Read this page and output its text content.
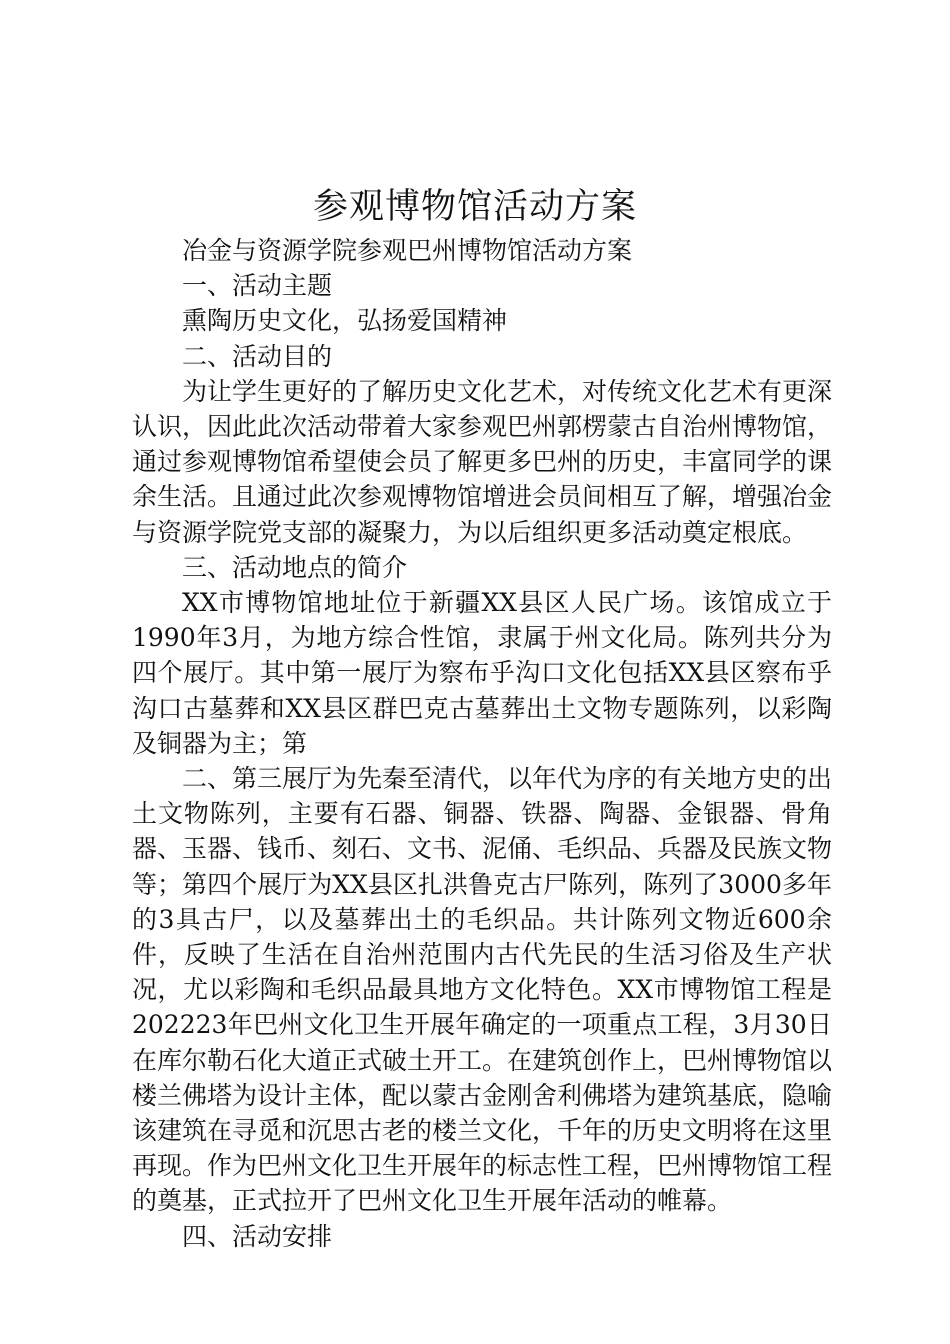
参观博物馆活动方案

冶金与资源学院参观巴州博物馆活动方案

一、活动主题

熏陶历史文化，弘扬爱国精神

二、活动目的

为让学生更好的了解历史文化艺术，对传统文化艺术有更深认识，因此此次活动带着大家参观巴州郭楞蒙古自治州博物馆，通过参观博物馆希望使会员了解更多巴州的历史，丰富同学的课余生活。且通过此次参观博物馆增进会员间相互了解，增强冶金与资源学院党支部的凝聚力，为以后组织更多活动奠定根底。

三、活动地点的简介

XX市博物馆地址位于新疆XX县区人民广场。该馆成立于1990年3月，为地方综合性馆，隶属于州文化局。陈列共分为四个展厅。其中第一展厅为察布乎沟口文化包括XX县区察布乎沟口古墓葬和XX县区群巴克古墓葬出土文物专题陈列，以彩陶及铜器为主；第

二、第三展厅为先秦至清代，以年代为序的有关地方史的出土文物陈列，主要有石器、铜器、铁器、陶器、金银器、骨角器、玉器、钱币、刻石、文书、泥俑、毛织品、兵器及民族文物等；第四个展厅为XX县区扎洪鲁克古尸陈列，陈列了3000多年的3具古尸，以及墓葬出土的毛织品。共计陈列文物近600余件，反映了生活在自治州范围内古代先民的生活习俗及生产状况，尤以彩陶和毛织品最具地方文化特色。XX市博物馆工程是202223年巴州文化卫生开展年确定的一项重点工程，3月30日在库尔勒石化大道正式破土开工。在建筑创作上，巴州博物馆以楼兰佛塔为设计主体，配以蒙古金刚舍利佛塔为建筑基底，隐喻该建筑在寻觅和沉思古老的楼兰文化，千年的历史文明将在这里再现。作为巴州文化卫生开展年的标志性工程，巴州博物馆工程的奠基，正式拉开了巴州文化卫生开展年活动的帷幕。

四、活动安排
